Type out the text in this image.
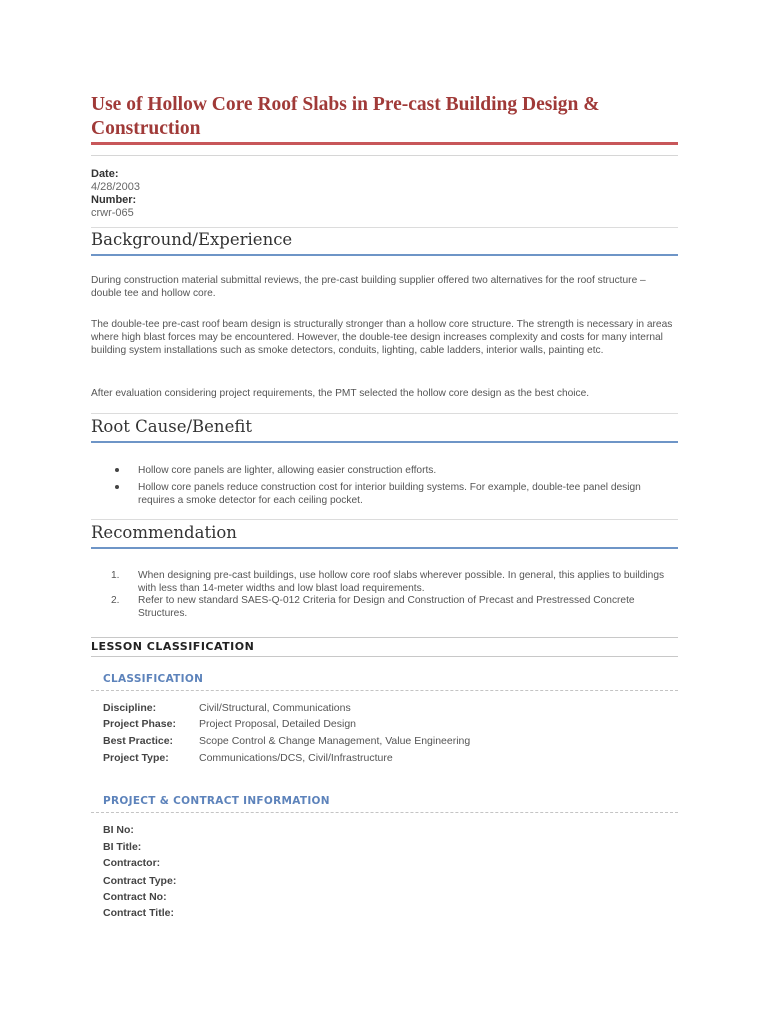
Use of Hollow Core Roof Slabs in Pre-cast Building Design & Construction
Date:
4/28/2003
Number:
crwr-065
Background/Experience
During construction material submittal reviews, the pre-cast building supplier offered two alternatives for the roof structure – double tee and hollow core.
The double-tee pre-cast roof beam design is structurally stronger than a hollow core structure. The strength is necessary in areas where high blast forces may be encountered. However, the double-tee design increases complexity and costs for many internal building system installations such as smoke detectors, conduits, lighting, cable ladders, interior walls, painting etc.
After evaluation considering project requirements, the PMT selected the hollow core design as the best choice.
Root Cause/Benefit
Hollow core panels are lighter, allowing easier construction efforts.
Hollow core panels reduce construction cost for interior building systems. For example, double-tee panel design requires a smoke detector for each ceiling pocket.
Recommendation
1.	When designing pre-cast buildings, use hollow core roof slabs wherever possible. In general, this applies to buildings with less than 14-meter widths and low blast load requirements.
2.	Refer to new standard SAES-Q-012 Criteria for Design and Construction of Precast and Prestressed Concrete Structures.
LESSON CLASSIFICATION
CLASSIFICATION
Discipline:	Civil/Structural, Communications
Project Phase: Project Proposal, Detailed Design
Best Practice: Scope Control & Change Management, Value Engineering
Project Type:	Communications/DCS, Civil/Infrastructure
PROJECT & CONTRACT INFORMATION
BI No:
BI Title:
Contractor:
Contract Type:
Contract No:
Contract Title:
